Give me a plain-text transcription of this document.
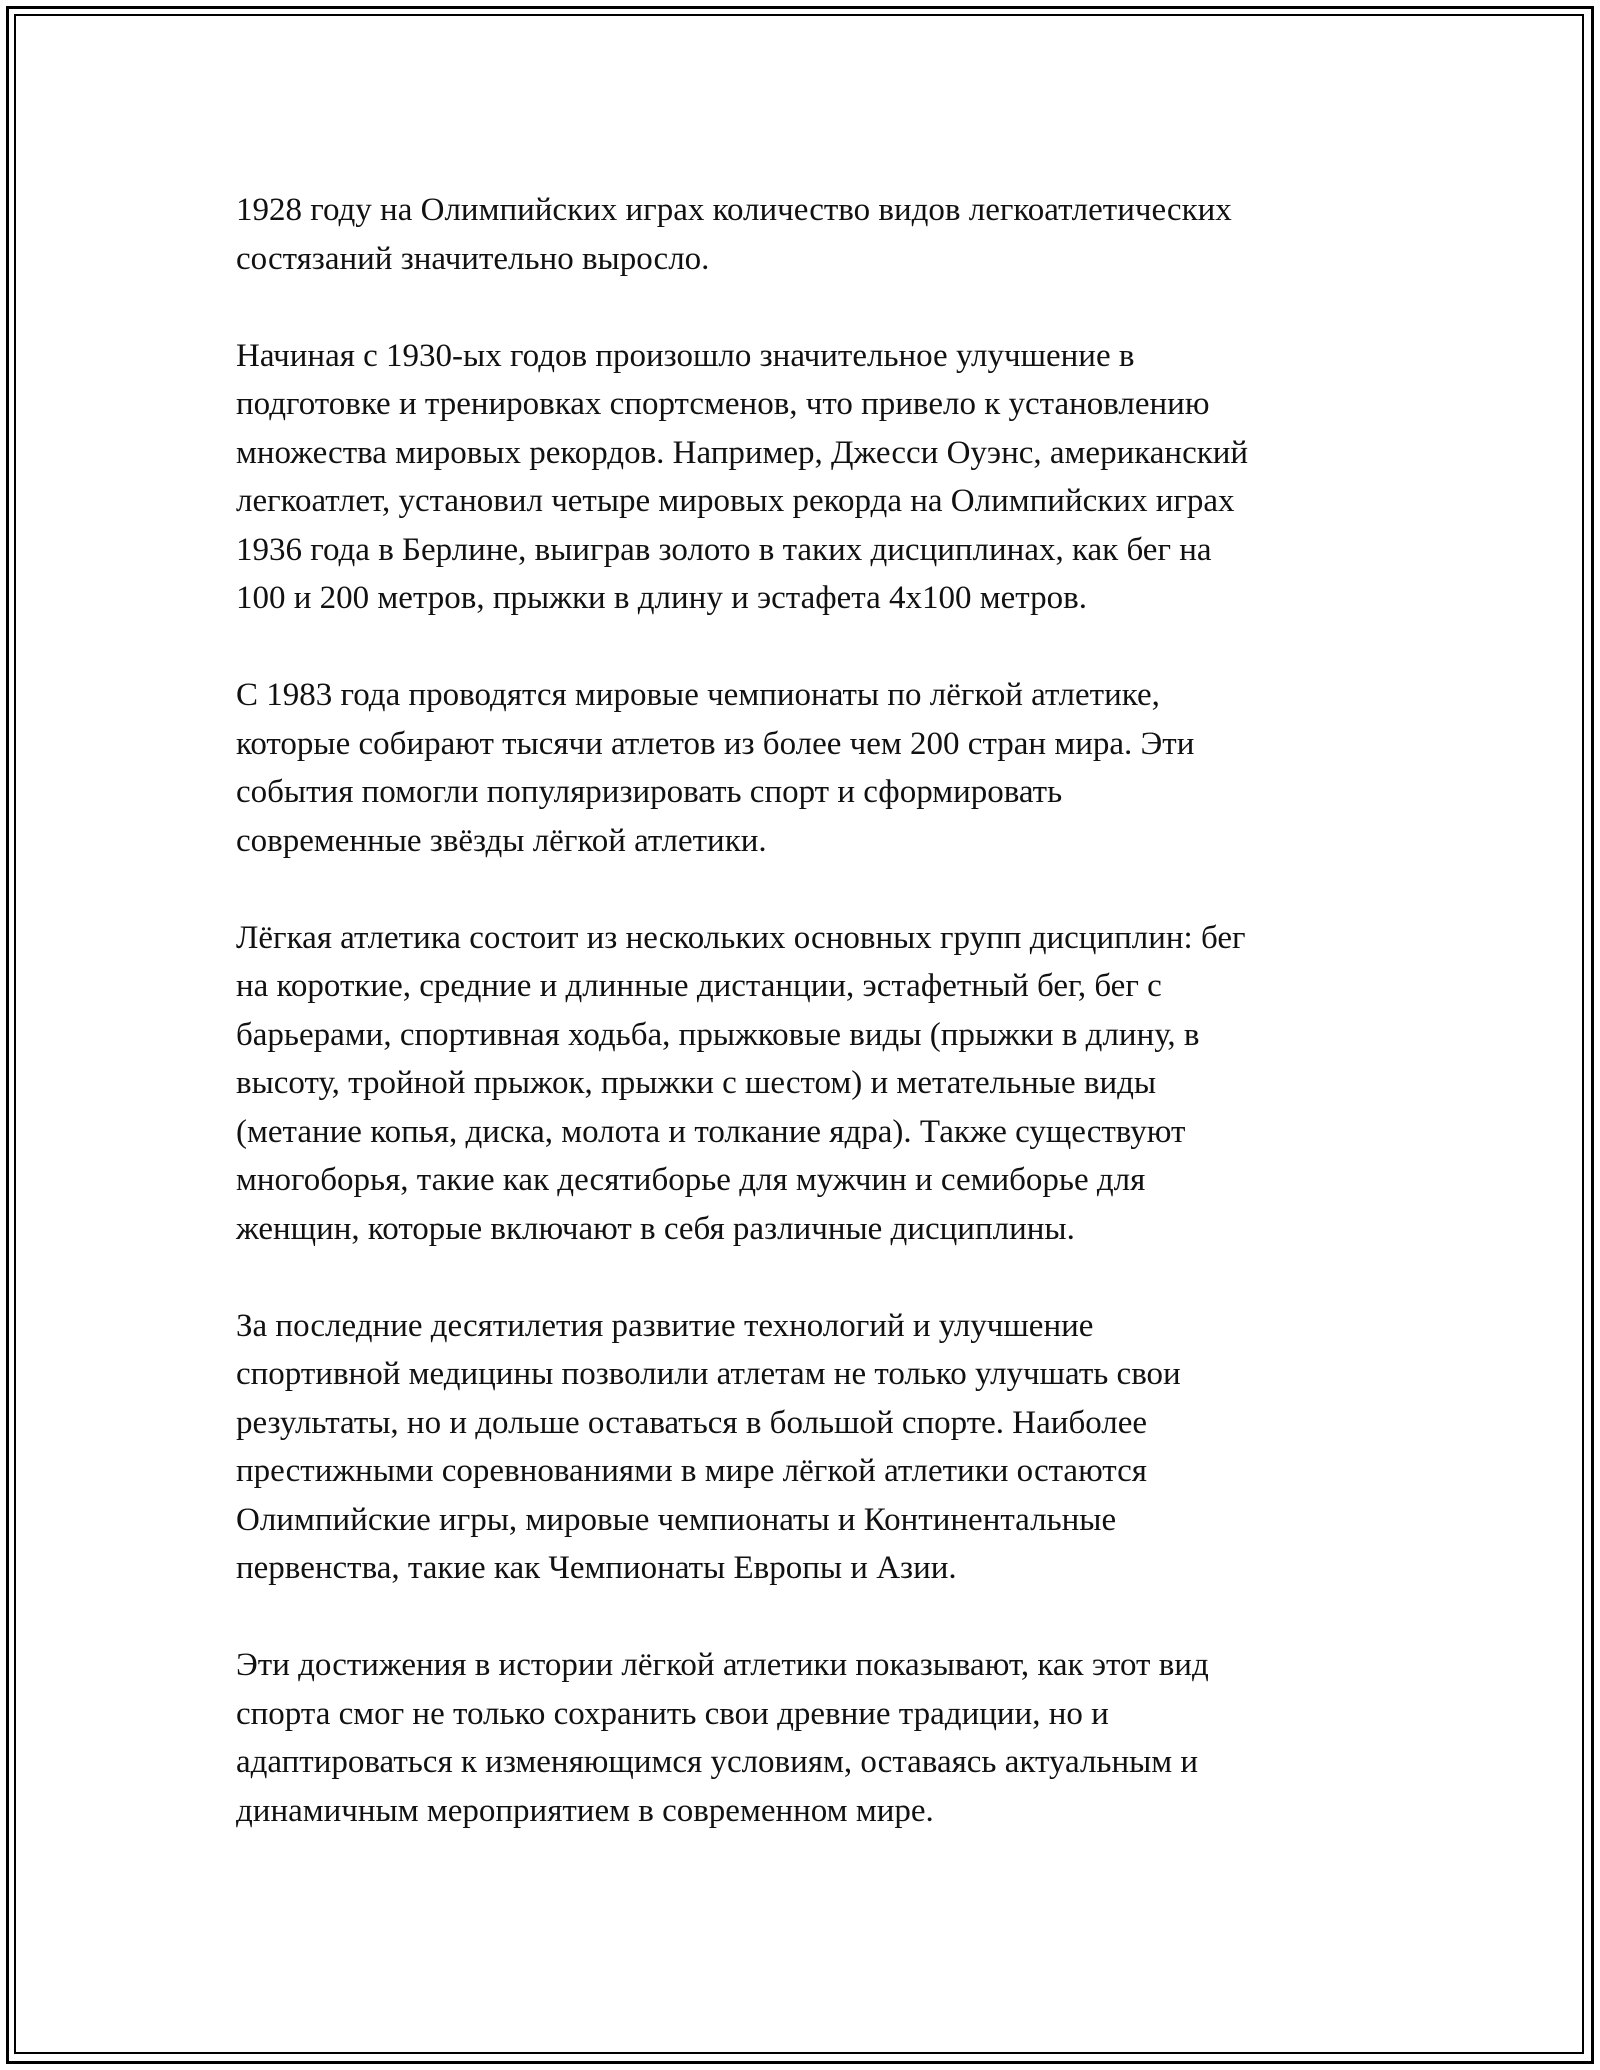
1928 году на Олимпийских играх количество видов легкоатлетических
состязаний значительно выросло.

Начиная с 1930-ых годов произошло значительное улучшение в
подготовке и тренировках спортсменов, что привело к установлению
множества мировых рекордов. Например, Джесси Оуэнс, американский
легкоатлет, установил четыре мировых рекорда на Олимпийских играх
1936 года в Берлине, выиграв золото в таких дисциплинах, как бег на
100 и 200 метров, прыжки в длину и эстафета 4x100 метров.

С 1983 года проводятся мировые чемпионаты по лёгкой атлетике,
которые собирают тысячи атлетов из более чем 200 стран мира. Эти
события помогли популяризировать спорт и сформировать
современные звёзды лёгкой атлетики.

Лёгкая атлетика состоит из нескольких основных групп дисциплин: бег
на короткие, средние и длинные дистанции, эстафетный бег, бег с
барьерами, спортивная ходьба, прыжковые виды (прыжки в длину, в
высоту, тройной прыжок, прыжки с шестом) и метательные виды
(метание копья, диска, молота и толкание ядра). Также существуют
многоборья, такие как десятиборье для мужчин и семиборье для
женщин, которые включают в себя различные дисциплины.

За последние десятилетия развитие технологий и улучшение
спортивной медицины позволили атлетам не только улучшать свои
результаты, но и дольше оставаться в большой спорте. Наиболее
престижными соревнованиями в мире лёгкой атлетики остаются
Олимпийские игры, мировые чемпионаты и Континентальные
первенства, такие как Чемпионаты Европы и Азии.

Эти достижения в истории лёгкой атлетики показывают, как этот вид
спорта смог не только сохранить свои древние традиции, но и
адаптироваться к изменяющимся условиям, оставаясь актуальным и
динамичным мероприятием в современном мире.
